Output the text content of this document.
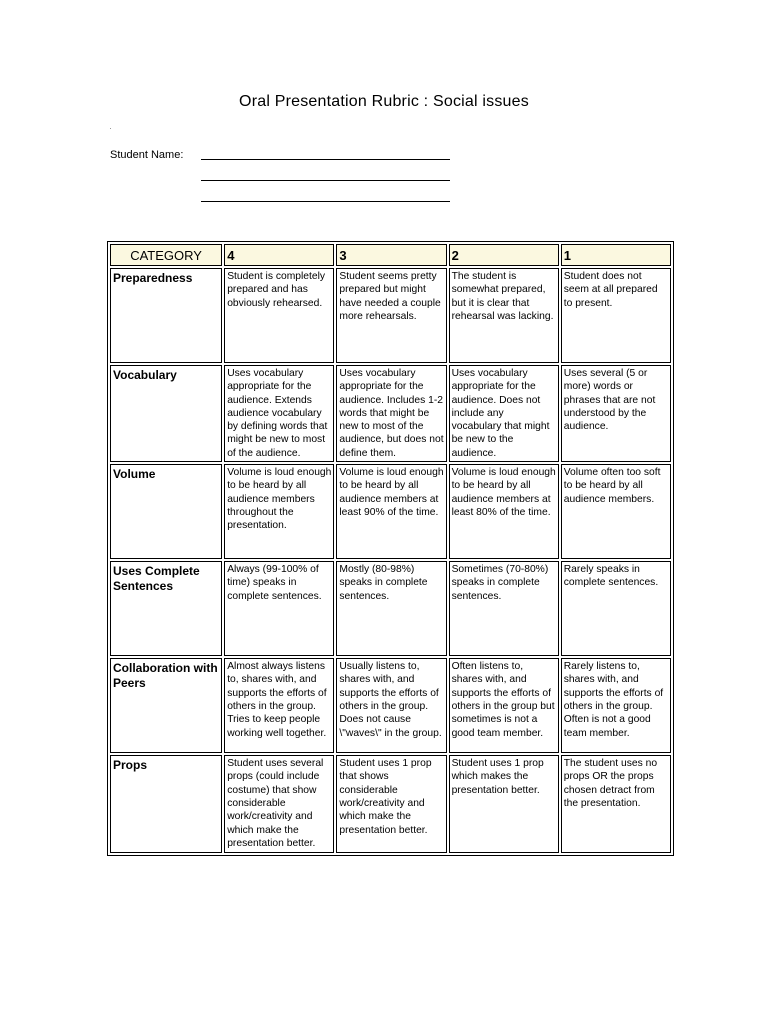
Oral Presentation Rubric : Social issues
Student Name:
CATEGORY	4	3	2	1
Preparedness	Student is completely prepared and has obviously rehearsed.	Student seems pretty prepared but might have needed a couple more rehearsals.	The student is somewhat prepared, but it is clear that rehearsal was lacking.	Student does not seem at all prepared to present.
Vocabulary	Uses vocabulary appropriate for the audience. Extends audience vocabulary by defining words that might be new to most of the audience.	Uses vocabulary appropriate for the audience. Includes 1-2 words that might be new to most of the audience, but does not define them.	Uses vocabulary appropriate for the audience. Does not include any vocabulary that might be new to the audience.	Uses several (5 or more) words or phrases that are not understood by the audience.
Volume	Volume is loud enough to be heard by all audience members throughout the presentation.	Volume is loud enough to be heard by all audience members at least 90% of the time.	Volume is loud enough to be heard by all audience members at least 80% of the time.	Volume often too soft to be heard by all audience members.
Uses Complete Sentences	Always (99-100% of time) speaks in complete sentences.	Mostly (80-98%) speaks in complete sentences.	Sometimes (70-80%) speaks in complete sentences.	Rarely speaks in complete sentences.
Collaboration with Peers	Almost always listens to, shares with, and supports the efforts of others in the group. Tries to keep people working well together.	Usually listens to, shares with, and supports the efforts of others in the group. Does not cause \"waves\" in the group.	Often listens to, shares with, and supports the efforts of others in the group but sometimes is not a good team member.	Rarely listens to, shares with, and supports the efforts of others in the group. Often is not a good team member.
Props	Student uses several props (could include costume) that show considerable work/creativity and which make the presentation better.	Student uses 1 prop that shows considerable work/creativity and which make the presentation better.	Student uses 1 prop which makes the presentation better.	The student uses no props OR the props chosen detract from the presentation.
